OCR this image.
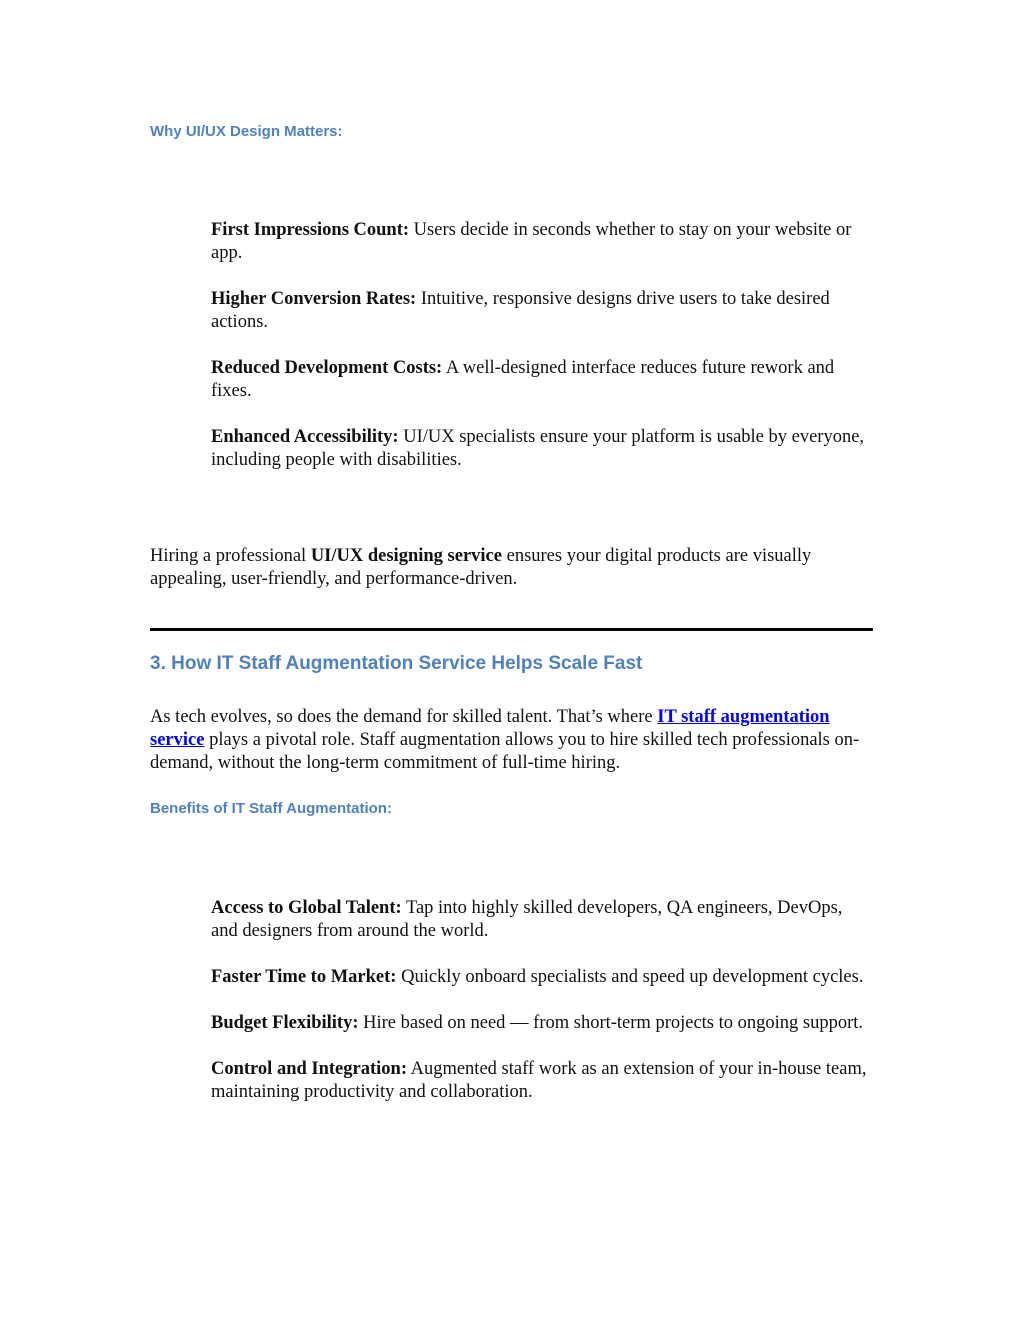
Why UI/UX Design Matters:
First Impressions Count: Users decide in seconds whether to stay on your website or app.
Higher Conversion Rates: Intuitive, responsive designs drive users to take desired actions.
Reduced Development Costs: A well-designed interface reduces future rework and fixes.
Enhanced Accessibility: UI/UX specialists ensure your platform is usable by everyone, including people with disabilities.

Hiring a professional UI/UX designing service ensures your digital products are visually appealing, user-friendly, and performance-driven.

3. How IT Staff Augmentation Service Helps Scale Fast

As tech evolves, so does the demand for skilled talent. That’s where IT staff augmentation service plays a pivotal role. Staff augmentation allows you to hire skilled tech professionals on-demand, without the long-term commitment of full-time hiring.

Benefits of IT Staff Augmentation:
Access to Global Talent: Tap into highly skilled developers, QA engineers, DevOps, and designers from around the world.
Faster Time to Market: Quickly onboard specialists and speed up development cycles.
Budget Flexibility: Hire based on need — from short-term projects to ongoing support.
Control and Integration: Augmented staff work as an extension of your in-house team, maintaining productivity and collaboration.
